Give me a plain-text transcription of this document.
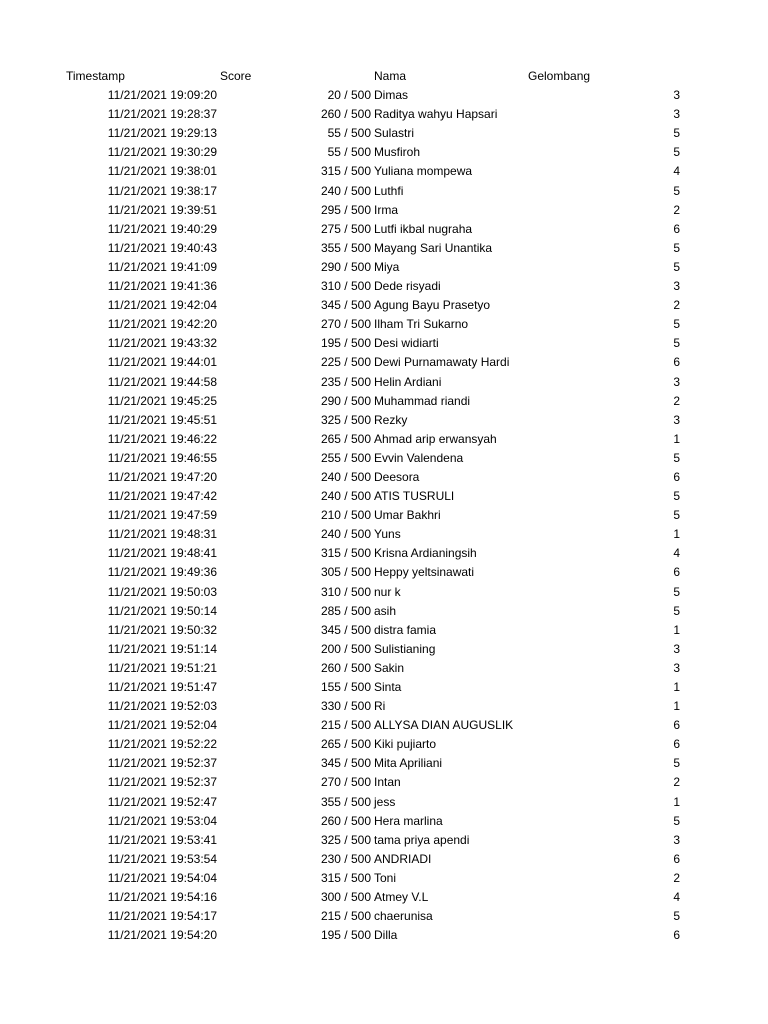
Timestamp	Score	Nama	Gelombang
11/21/2021 19:09:20	20 / 500 Dimas	3
11/21/2021 19:28:37	260 / 500 Raditya wahyu Hapsari	3
11/21/2021 19:29:13	55 / 500 Sulastri	5
11/21/2021 19:30:29	55 / 500 Musfiroh	5
11/21/2021 19:38:01	315 / 500 Yuliana mompewa	4
11/21/2021 19:38:17	240 / 500 Luthfi	5
11/21/2021 19:39:51	295 / 500 Irma	2
11/21/2021 19:40:29	275 / 500 Lutfi ikbal nugraha	6
11/21/2021 19:40:43	355 / 500 Mayang Sari Unantika	5
11/21/2021 19:41:09	290 / 500 Miya	5
11/21/2021 19:41:36	310 / 500 Dede risyadi	3
11/21/2021 19:42:04	345 / 500 Agung Bayu Prasetyo	2
11/21/2021 19:42:20	270 / 500 Ilham Tri Sukarno	5
11/21/2021 19:43:32	195 / 500 Desi widiarti	5
11/21/2021 19:44:01	225 / 500 Dewi Purnamawaty Hardi	6
11/21/2021 19:44:58	235 / 500 Helin Ardiani	3
11/21/2021 19:45:25	290 / 500 Muhammad riandi	2
11/21/2021 19:45:51	325 / 500 Rezky	3
11/21/2021 19:46:22	265 / 500 Ahmad arip erwansyah	1
11/21/2021 19:46:55	255 / 500 Evvin Valendena	5
11/21/2021 19:47:20	240 / 500 Deesora	6
11/21/2021 19:47:42	240 / 500 ATIS TUSRULI	5
11/21/2021 19:47:59	210 / 500 Umar Bakhri	5
11/21/2021 19:48:31	240 / 500 Yuns	1
11/21/2021 19:48:41	315 / 500 Krisna Ardianingsih	4
11/21/2021 19:49:36	305 / 500 Heppy yeltsinawati	6
11/21/2021 19:50:03	310 / 500 nur k	5
11/21/2021 19:50:14	285 / 500 asih	5
11/21/2021 19:50:32	345 / 500 distra famia	1
11/21/2021 19:51:14	200 / 500 Sulistianing	3
11/21/2021 19:51:21	260 / 500 Sakin	3
11/21/2021 19:51:47	155 / 500 Sinta	1
11/21/2021 19:52:03	330 / 500 Ri	1
11/21/2021 19:52:04	215 / 500 ALLYSA DIAN AUGUSLIK	6
11/21/2021 19:52:22	265 / 500 Kiki pujiarto	6
11/21/2021 19:52:37	345 / 500 Mita Apriliani	5
11/21/2021 19:52:37	270 / 500 Intan	2
11/21/2021 19:52:47	355 / 500 jess	1
11/21/2021 19:53:04	260 / 500 Hera marlina	5
11/21/2021 19:53:41	325 / 500 tama priya apendi	3
11/21/2021 19:53:54	230 / 500 ANDRIADI	6
11/21/2021 19:54:04	315 / 500 Toni	2
11/21/2021 19:54:16	300 / 500 Atmey V.L	4
11/21/2021 19:54:17	215 / 500 chaerunisa	5
11/21/2021 19:54:20	195 / 500 Dilla	6
